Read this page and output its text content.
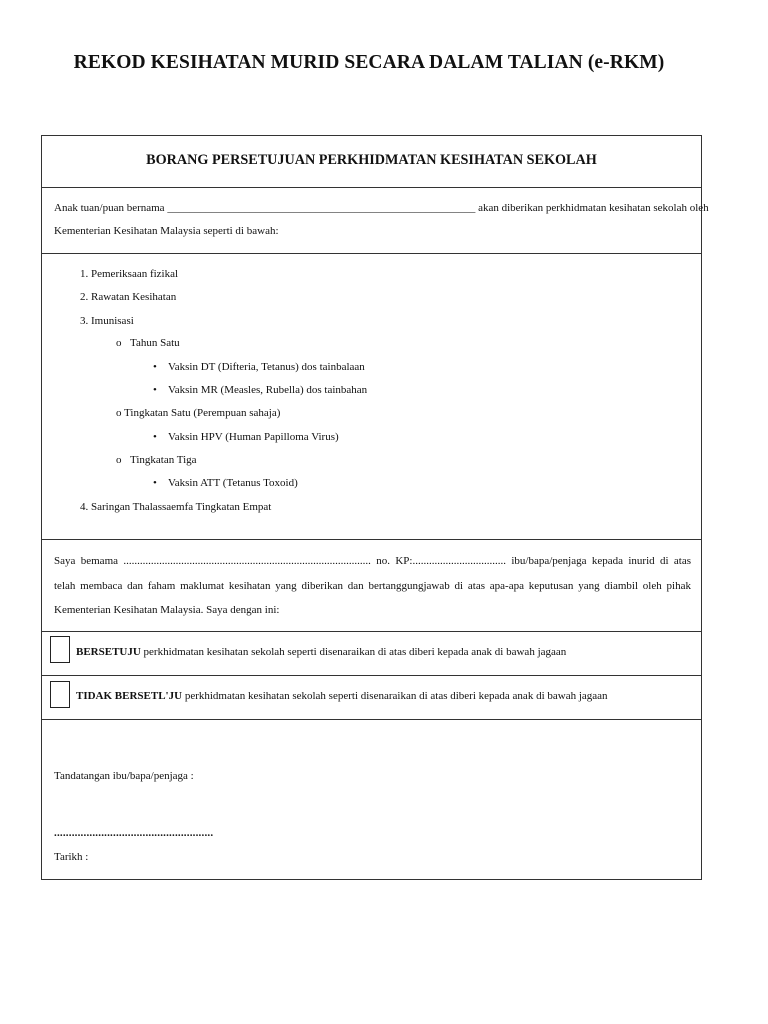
REKOD KESIHATAN MURID SECARA DALAM TALIAN (e-RKM)
BORANG PERSETUJUAN PERKHIDMATAN KESIHATAN SEKOLAH
Anak tuan/puan bernama ________________________________________________________ akan diberikan perkhidmatan kesihatan sekolah oleh
Kementerian Kesihatan Malaysia seperti di bawah:
1. Pemeriksaan fizikal
2. Rawatan Kesihatan
3. Imunisasi
o Tahun Satu
• Vaksin DT (Difteria, Tetanus) dos tainbalaan
• Vaksin MR (Measles, Rubella) dos tainbahan
o Tingkatan Satu (Perempuan sahaja)
• Vaksin HPV (Human Papilloma Virus)
o Tingkatan Tiga
• Vaksin ATT (Tetanus Toxoid)
4. Saringan Thalassaemfa Tingkatan Empat
Saya bemama .......................................................................................... no. KP:.................................. ibu/bapa/penjaga kepada inurid di atas
telah membaca dan faham maklumat kesihatan yang diberikan dan bertanggungjawab di atas apa-apa keputusan yang diambil oleh pihak
Kementerian Kesihatan Malaysia. Saya dengan ini:
BERSETUJU perkhidmatan kesihatan sekolah seperti disenaraikan di atas diberi kepada anak di bawah jagaan
TIDAK BERSETL'JU perkhidmatan kesihatan sekolah seperti disenaraikan di atas diberi kepada anak di bawah jagaan
Tandatangan ibu/bapa/penjaga :
......................................................
Tarikh :
